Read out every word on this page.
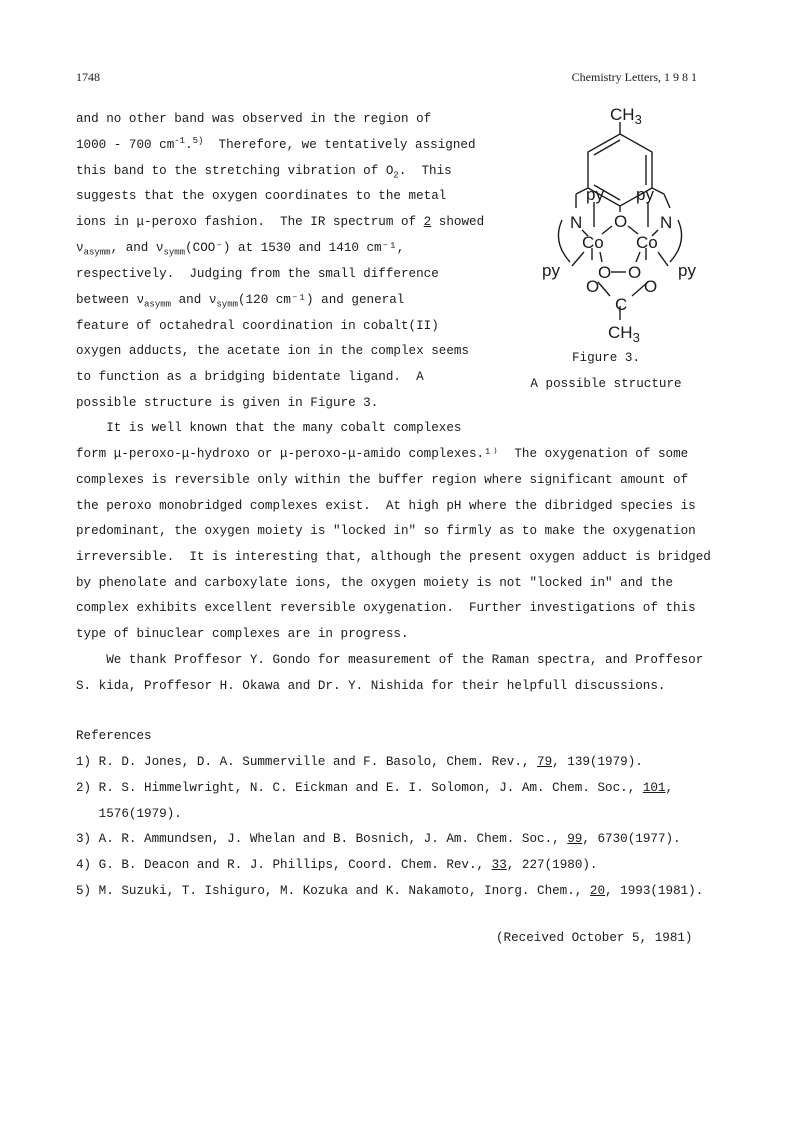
1748	Chemistry Letters, 1 9 8 1
and no other band was observed in the region of
1000 - 700 $cm^{-1}.^{5)}$  Therefore, we tentatively assigned
this band to the stretching vibration of $O_2$.  This
suggests that the oxygen coordinates to the metal
ions in μ-peroxo fashion.  The IR spectrum of 2 showed
$\nu_{asymm}$, and $\nu_{symm}(COO^-)$ at 1530 and 1410 cm⁻¹,
respectively.  Judging from the small difference
between $\nu_{asymm}$ and $\nu_{symm}(120$ cm⁻¹) and general
feature of octahedral coordination in cobalt(II)
oxygen adducts, the acetate ion in the complex seems
to function as a bridging bidentate ligand.  A
possible structure is given in Figure 3.
$CH_3$
py py
N	N
O
Co Co
py	py
O O
O	O
C
$CH_3$
Figure 3.
A possible structure
It is well known that the many cobalt complexes
form μ-peroxo-μ-hydroxo or μ-peroxo-μ-amido complexes.¹⁾  The oxygenation of some
complexes is reversible only within the buffer region where significant amount of
the peroxo monobridged complexes exist.  At high pH where the dibridged species is
predominant, the oxygen moiety is "locked in" so firmly as to make the oxygenation
irreversible.  It is interesting that, although the present oxygen adduct is bridged
by phenolate and carboxylate ions, the oxygen moiety is not "locked in" and the
complex exhibits excellent reversible oxygenation.  Further investigations of this
type of binuclear complexes are in progress.
We thank Proffesor Y. Gondo for measurement of the Raman spectra, and Proffesor
S. kida, Proffesor H. Okawa and Dr. Y. Nishida for their helpfull discussions.
References
1) R. D. Jones, D. A. Summerville and F. Basolo, Chem. Rev., 79, 139(1979).
2) R. S. Himmelwright, N. C. Eickman and E. I. Solomon, J. Am. Chem. Soc., 101,
1576(1979).
3) A. R. Ammundsen, J. Whelan and B. Bosnich, J. Am. Chem. Soc., 99, 6730(1977).
4) G. B. Deacon and R. J. Phillips, Coord. Chem. Rev., 33, 227(1980).
5) M. Suzuki, T. Ishiguro, M. Kozuka and K. Nakamoto, Inorg. Chem., 20, 1993(1981).
(Received October 5, 1981)
